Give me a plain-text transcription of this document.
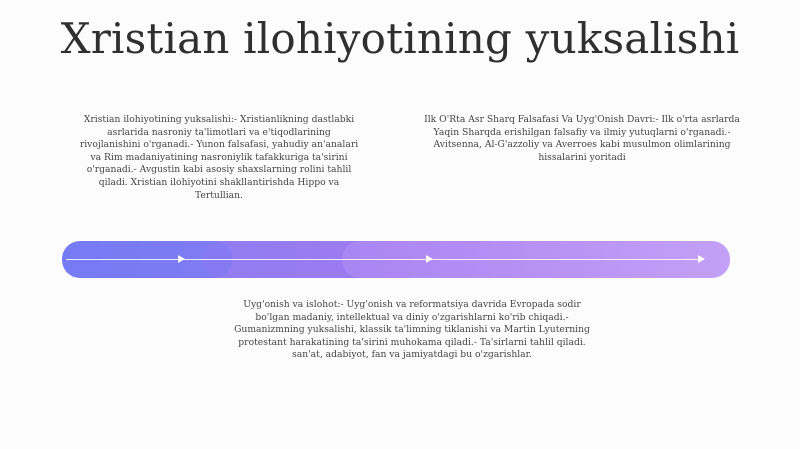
Xristian ilohiyotining yuksalishi
Xristian ilohiyotining yuksalishi:- Xristianlikning dastlabki asrlarida nasroniy ta'limotlari va e'tiqodlarining rivojlanishini o'rganadi.- Yunon falsafasi, yahudiy an'analari va Rim madaniyatining nasroniylik tafakkuriga ta'sirini o'rganadi.- Avgustin kabi asosiy shaxslarning rolini tahlil qiladi. Xristian ilohiyotini shakllantirishda Hippo va Tertullian.
Ilk O'Rta Asr Sharq Falsafasi Va Uyg'Onish Davri:- Ilk o'rta asrlarda Yaqin Sharqda erishilgan falsafiy va ilmiy yutuqlarni o'rganadi.- Avitsenna, Al-G'azzoliy va Averroes kabi musulmon olimlarining hissalarini yoritadi
Uyg'onish va islohot:- Uyg'onish va reformatsiya davrida Evropada sodir bo'lgan madaniy, intellektual va diniy o'zgarishlarni ko'rib chiqadi.- Gumanizmning yuksalishi, klassik ta'limning tiklanishi va Martin Lyuterning protestant harakatining ta'sirini muhokama qiladi.- Ta'sirlarni tahlil qiladi. san'at, adabiyot, fan va jamiyatdagi bu o'zgarishlar.
